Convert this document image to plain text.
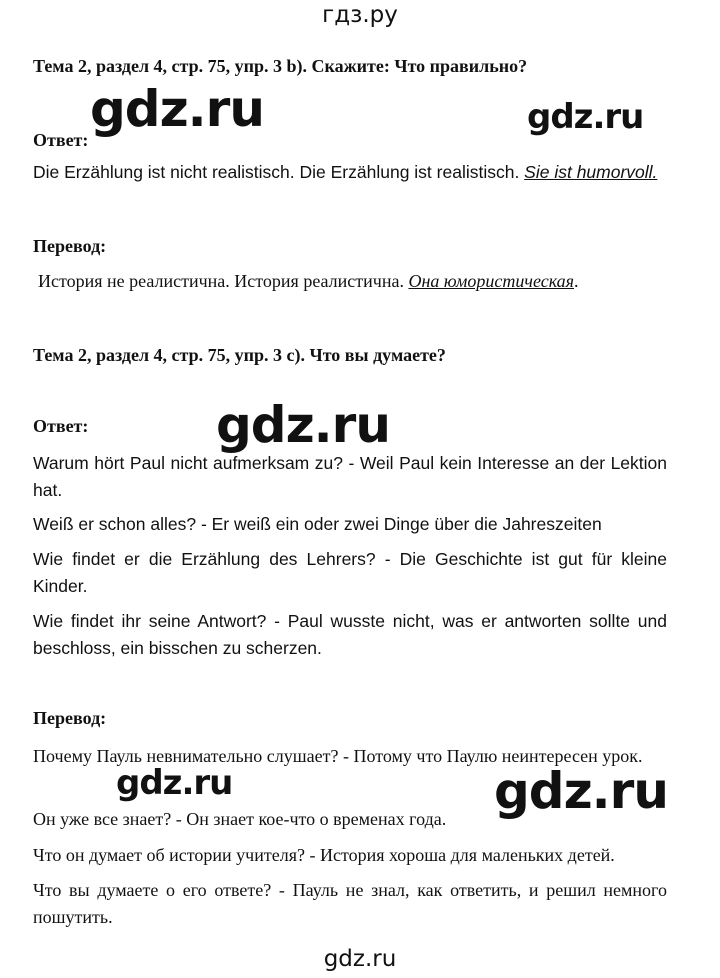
гдз.ру
Тема 2, раздел 4, стр. 75, упр. 3 b). Скажите: Что правильно?
gdz.ru	gdz.ru
Ответ:
Die Erzählung ist nicht realistisch. Die Erzählung ist realistisch. Sie ist humorvoll.
Перевод:
История не реалистична. История реалистична. Она юмористическая.
Тема 2, раздел 4, стр. 75, упр. 3 c). Что вы думаете?
gdz.ru
Ответ:
Warum hört Paul nicht aufmerksam zu? - Weil Paul kein Interesse an der Lektion hat.
Weiß er schon alles? - Er weiß ein oder zwei Dinge über die Jahreszeiten
Wie findet er die Erzählung des Lehrers? - Die Geschichte ist gut für kleine Kinder.
Wie findet ihr seine Antwort? - Paul wusste nicht, was er antworten sollte und beschloss, ein bisschen zu scherzen.
Перевод:
Почему Пауль невнимательно слушает? - Потому что Паулю неинтересен урок.
gdz.ru	gdz.ru
Он уже все знает? - Он знает кое-что о временах года.
Что он думает об истории учителя? - История хороша для маленьких детей.
Что вы думаете о его ответе? - Пауль не знал, как ответить, и решил немного пошутить.
gdz.ru
